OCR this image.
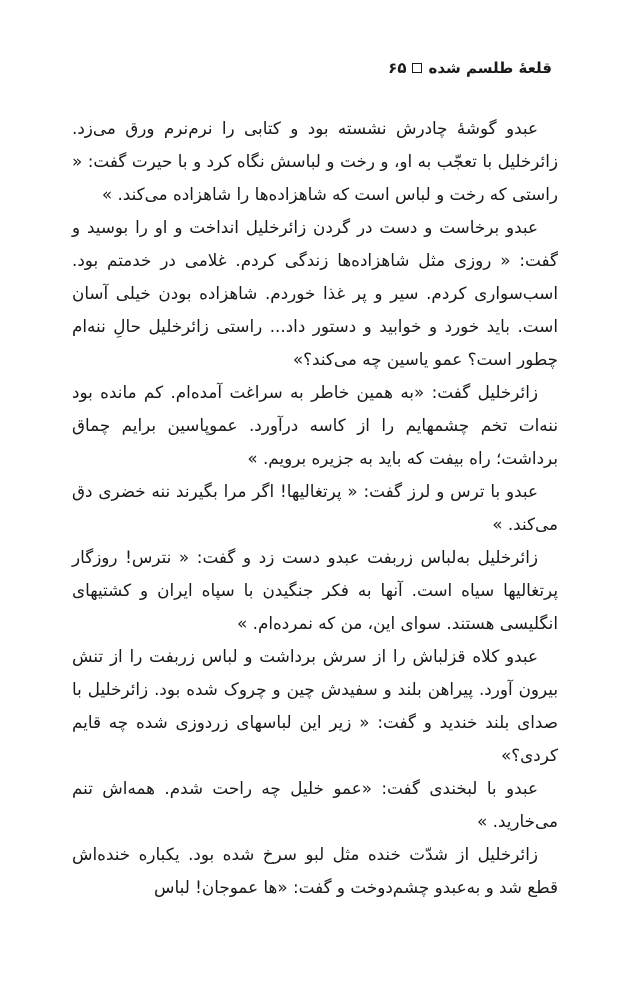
قلعهٔ طلسم شده
۶۵

عبدو گوشهٔ چادرش نشسته بود و کتابی را نرم‌نرم ورق می‌زد. زائرخلیل با تعجّب به او، و رخت و لباسش نگاه کرد و با حیرت گفت: « راستی که رخت و لباس است که شاهزاده‌ها را شاهزاده می‌کند. »

عبدو برخاست و دست در گردن زائرخلیل انداخت و او را بوسید و گفت: « روزی مثل شاهزاده‌ها زندگی کردم. غلامی در خدمتم بود. اسب‌سواری کردم. سیر و پر غذا خوردم. شاهزاده بودن خیلی آسان است. باید خورد و خوابید و دستور داد... راستی زائرخلیل حالِ ننه‌ام چطور است؟ عمو یاسین چه می‌کند؟»

زائرخلیل گفت: «به همین خاطر به سراغت آمده‌ام. کم مانده بود ننه‌ات تخم چشمهایم را از کاسه درآورد. عموپاسین برایم چماق برداشت؛ راه بیفت که باید به جزیره برویم. »

عبدو با ترس و لرز گفت: « پرتغالیها! اگر مرا بگیرند ننه خضری دق می‌کند. »

زائرخلیل به‌لباس زربفت عبدو دست زد و گفت: « نترس! روزگار پرتغالیها سیاه است. آنها به فکر جنگیدن با سپاه ایران و کشتیهای انگلیسی هستند. سوای این، من که نمرده‌ام. »

عبدو کلاه قزلباش را از سرش برداشت و لباس زربفت را از تنش بیرون آورد. پیراهن بلند و سفیدش چین و چروک شده بود. زائرخلیل با صدای بلند خندید و گفت: « زیر این لباسهای زردوزی شده چه قایم کردی؟»

عبدو با لبخندی گفت: «عمو خلیل چه راحت شدم. همه‌اش تنم می‌خارید. »

زائرخلیل از شدّت خنده مثل لبو سرخ شده بود. یکباره خنده‌اش قطع شد و به‌عبدو چشم‌دوخت و گفت: «ها عموجان! لباس
